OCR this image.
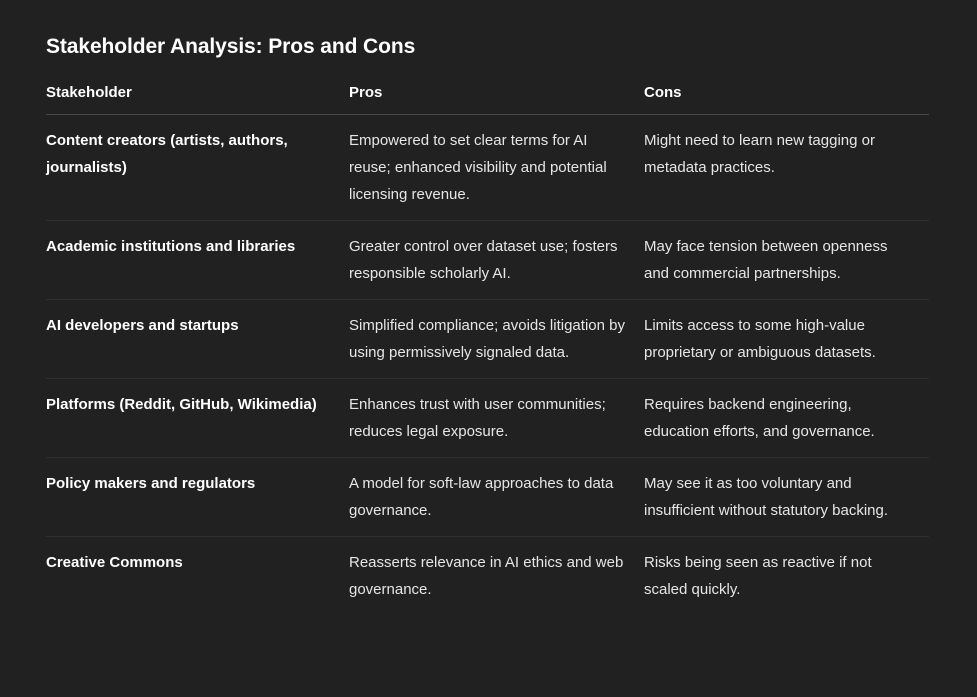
Stakeholder Analysis: Pros and Cons
Stakeholder	Pros	Cons
Content creators (artists, authors, journalists)	Empowered to set clear terms for AI reuse; enhanced visibility and potential licensing revenue.	Might need to learn new tagging or metadata practices.
Academic institutions and libraries	Greater control over dataset use; fosters responsible scholarly AI.	May face tension between openness and commercial partnerships.
AI developers and startups	Simplified compliance; avoids litigation by using permissively signaled data.	Limits access to some high-value proprietary or ambiguous datasets.
Platforms (Reddit, GitHub, Wikimedia)	Enhances trust with user communities; reduces legal exposure.	Requires backend engineering, education efforts, and governance.
Policy makers and regulators	A model for soft-law approaches to data governance.	May see it as too voluntary and insufficient without statutory backing.
Creative Commons	Reasserts relevance in AI ethics and web governance.	Risks being seen as reactive if not scaled quickly.
